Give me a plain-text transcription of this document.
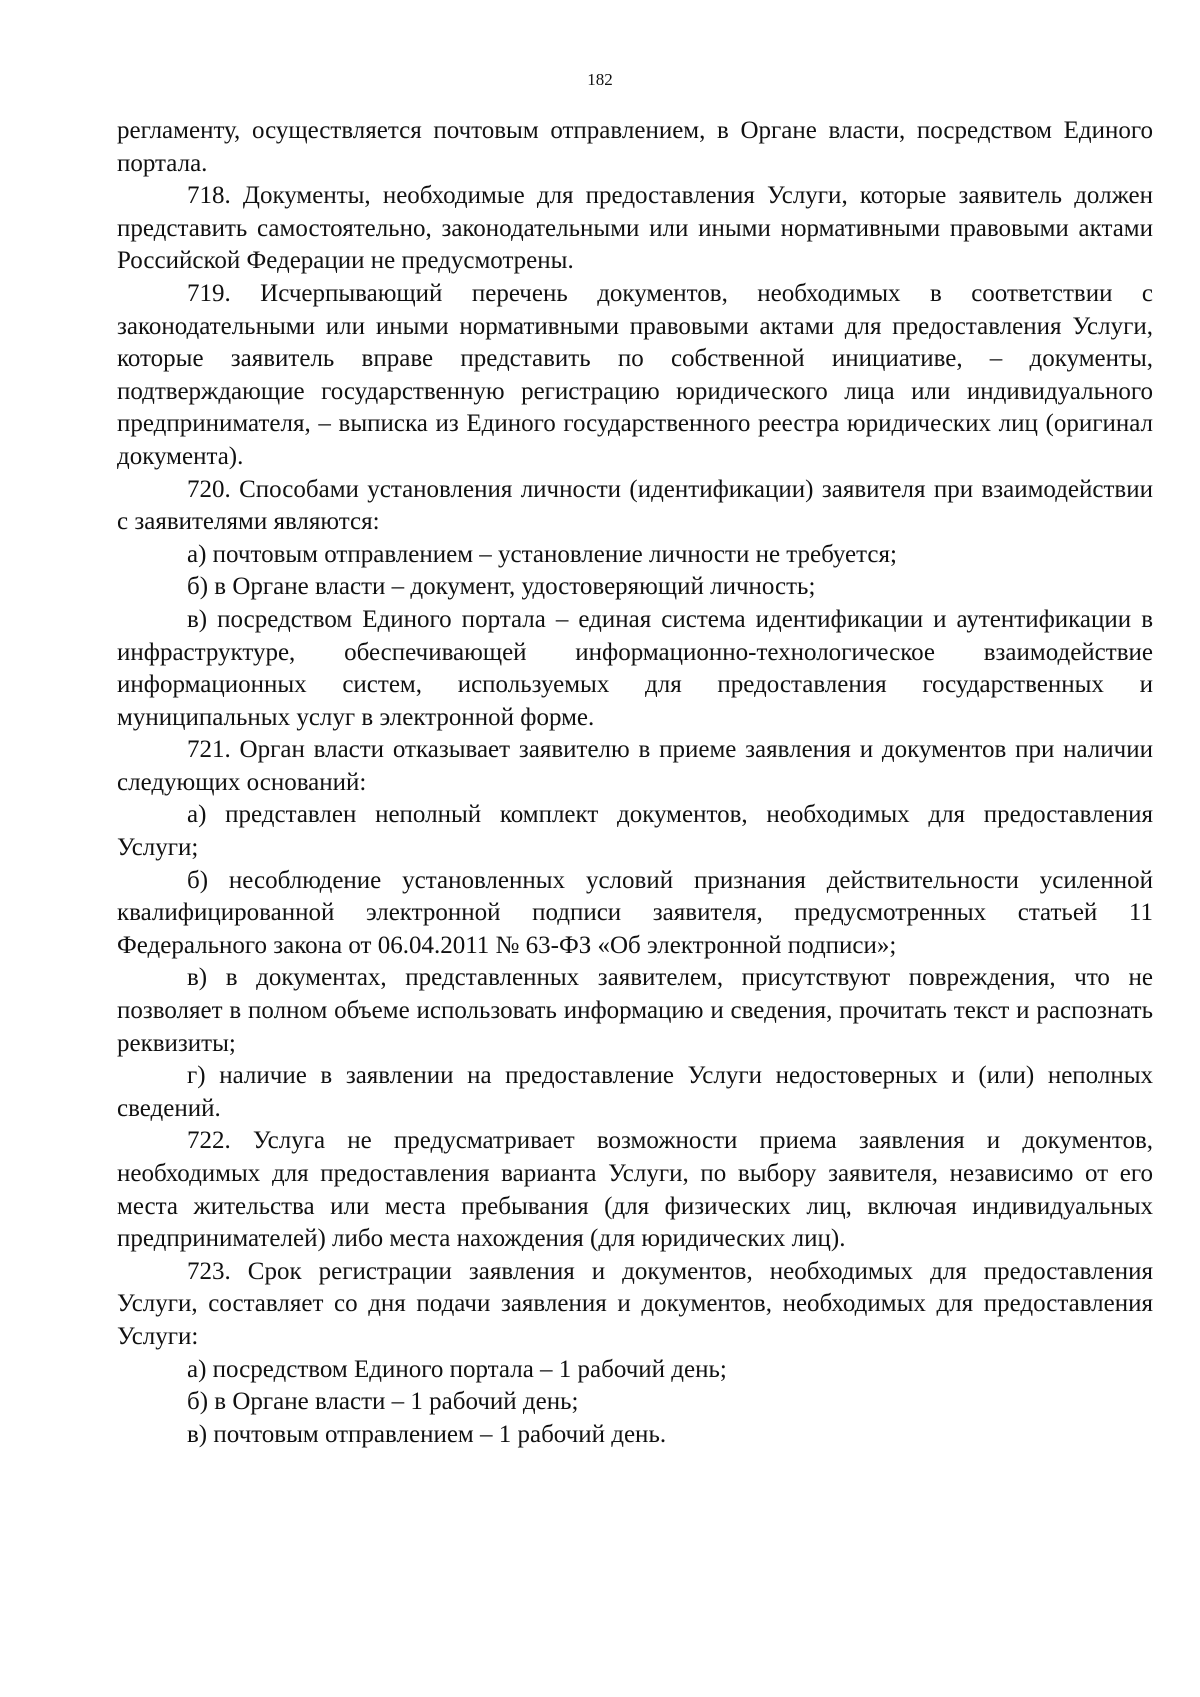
182

регламенту, осуществляется почтовым отправлением, в Органе власти, посредством Единого портала.

718. Документы, необходимые для предоставления Услуги, которые заявитель должен представить самостоятельно, законодательными или иными нормативными правовыми актами Российской Федерации не предусмотрены.

719. Исчерпывающий перечень документов, необходимых в соответствии с законодательными или иными нормативными правовыми актами для предоставления Услуги, которые заявитель вправе представить по собственной инициативе, – документы, подтверждающие государственную регистрацию юридического лица или индивидуального предпринимателя, – выписка из Единого государственного реестра юридических лиц (оригинал документа).

720. Способами установления личности (идентификации) заявителя при взаимодействии с заявителями являются:

а) почтовым отправлением – установление личности не требуется;

б) в Органе власти – документ, удостоверяющий личность;

в) посредством Единого портала – единая система идентификации и аутентификации в инфраструктуре, обеспечивающей информационно-технологическое взаимодействие информационных систем, используемых для предоставления государственных и муниципальных услуг в электронной форме.

721. Орган власти отказывает заявителю в приеме заявления и документов при наличии следующих оснований:

а) представлен неполный комплект документов, необходимых для предоставления Услуги;

б) несоблюдение установленных условий признания действительности усиленной квалифицированной электронной подписи заявителя, предусмотренных статьей 11 Федерального закона от 06.04.2011 № 63-ФЗ «Об электронной подписи»;

в) в документах, представленных заявителем, присутствуют повреждения, что не позволяет в полном объеме использовать информацию и сведения, прочитать текст и распознать реквизиты;

г) наличие в заявлении на предоставление Услуги недостоверных и (или) неполных сведений.

722. Услуга не предусматривает возможности приема заявления и документов, необходимых для предоставления варианта Услуги, по выбору заявителя, независимо от его места жительства или места пребывания (для физических лиц, включая индивидуальных предпринимателей) либо места нахождения (для юридических лиц).

723. Срок регистрации заявления и документов, необходимых для предоставления Услуги, составляет со дня подачи заявления и документов, необходимых для предоставления Услуги:

а) посредством Единого портала – 1 рабочий день;

б) в Органе власти – 1 рабочий день;

в) почтовым отправлением – 1 рабочий день.
